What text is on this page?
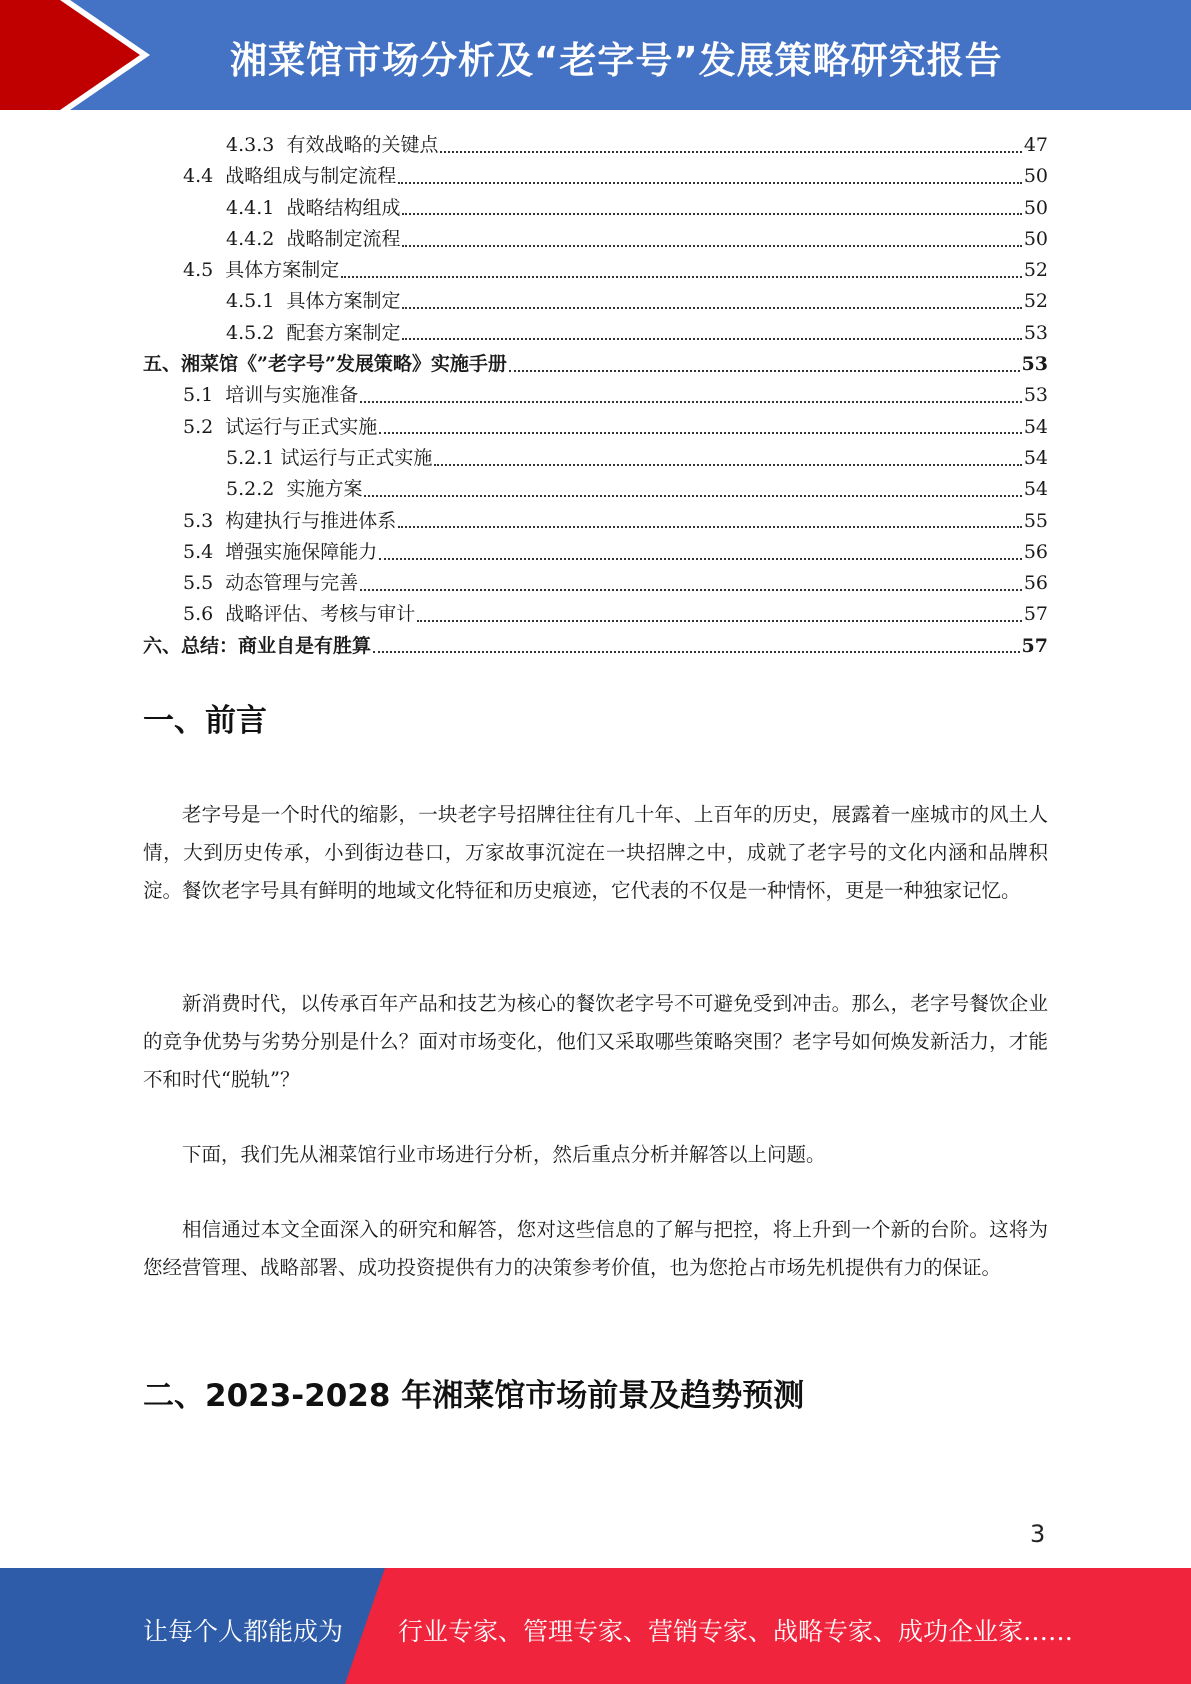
湘菜馆市场分析及“老字号”发展策略研究报告
4.3.3 有效战略的关键点	47
4.4 战略组成与制定流程	50
4.4.1 战略结构组成	50
4.4.2 战略制定流程	50
4.5 具体方案制定	52
4.5.1 具体方案制定	52
4.5.2 配套方案制定	53
五、 湘菜馆《”老字号”发展策略》实施手册	53
5.1 培训与实施准备	53
5.2 试运行与正式实施	54
5.2.1 试运行与正式实施	54
5.2.2 实施方案	54
5.3 构建执行与推进体系	55
5.4 增强实施保障能力	56
5.5 动态管理与完善	56
5.6 战略评估、考核与审计	57
六、 总结：商业自是有胜算	57
一、前言
老字号是一个时代的缩影，一块老字号招牌往往有几十年、上百年的历史，展露着一座城市的风土人情，大到历史传承，小到街边巷口，万家故事沉淀在一块招牌之中，成就了老字号的文化内涵和品牌积淀。餐饮老字号具有鲜明的地域文化特征和历史痕迹，它代表的不仅是一种情怀，更是一种独家记忆。
新消费时代，以传承百年产品和技艺为核心的餐饮老字号不可避免受到冲击。那么，老字号餐饮企业的竞争优势与劣势分别是什么？面对市场变化，他们又采取哪些策略突围？老字号如何焕发新活力，才能不和时代“脱轨”？
下面，我们先从湘菜馆行业市场进行分析，然后重点分析并解答以上问题。
相信通过本文全面深入的研究和解答，您对这些信息的了解与把控，将上升到一个新的台阶。这将为您经营管理、战略部署、成功投资提供有力的决策参考价值，也为您抢占市场先机提供有力的保证。
二、2023-2028 年湘菜馆市场前景及趋势预测
3
让每个人都能成为 行业专家、管理专家、营销专家、战略专家、成功企业家……
